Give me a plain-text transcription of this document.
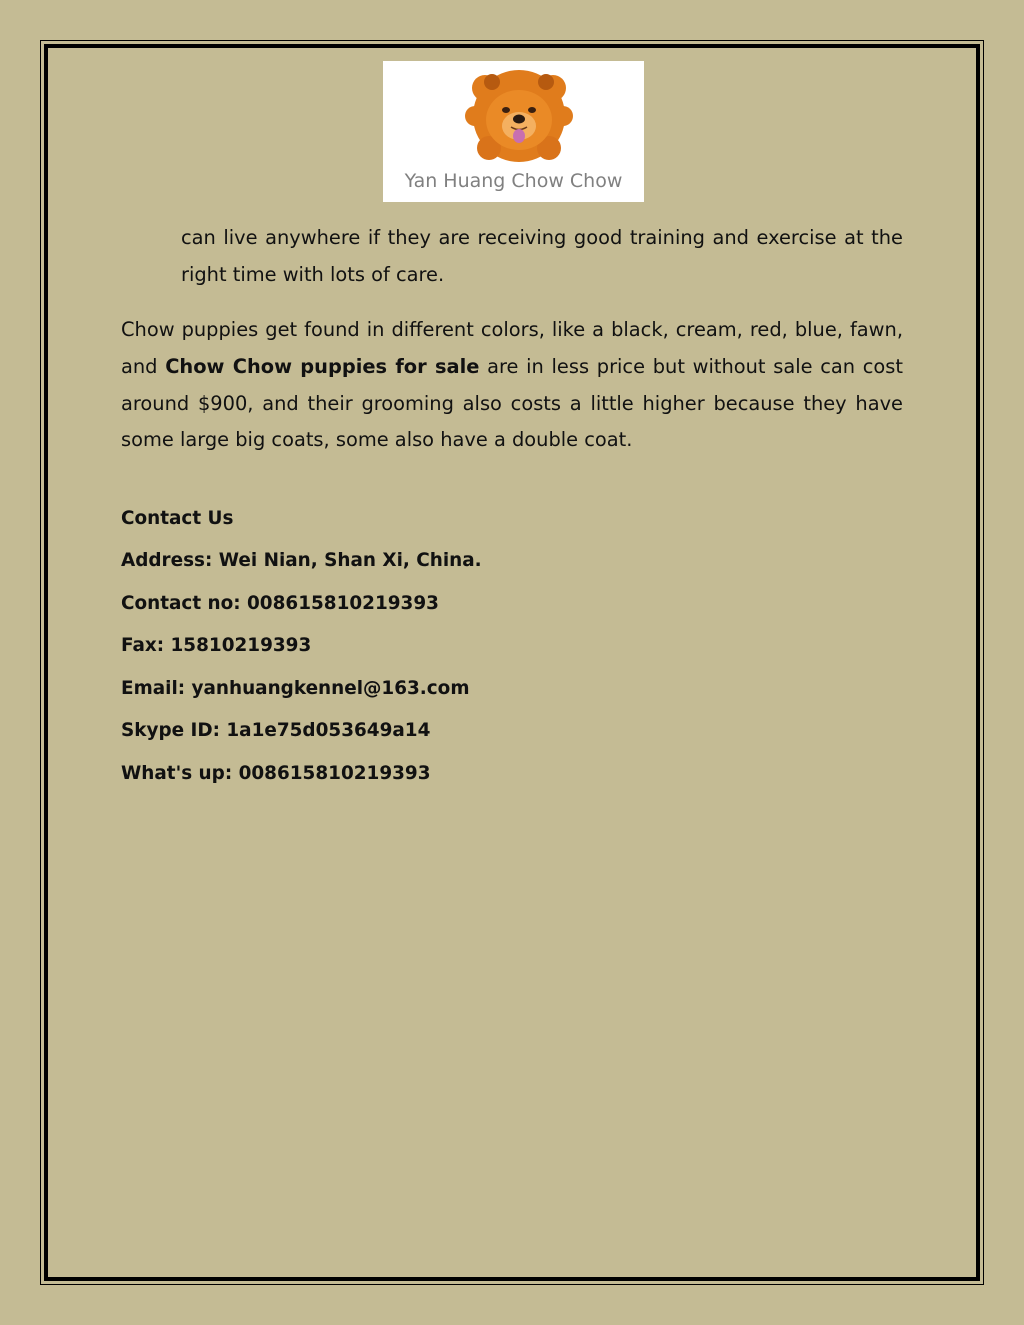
Yan Huang Chow Chow

can live anywhere if they are receiving good training and exercise at the right time with lots of care.

Chow puppies get found in different colors, like a black, cream, red, blue, fawn, and Chow Chow puppies for sale are in less price but without sale can cost around $900, and their grooming also costs a little higher because they have some large big coats, some also have a double coat.

Contact Us
Address: Wei Nian, Shan Xi, China.
Contact no: 008615810219393
Fax: 15810219393
Email: yanhuangkennel@163.com
Skype ID: 1a1e75d053649a14
What's up: 008615810219393
